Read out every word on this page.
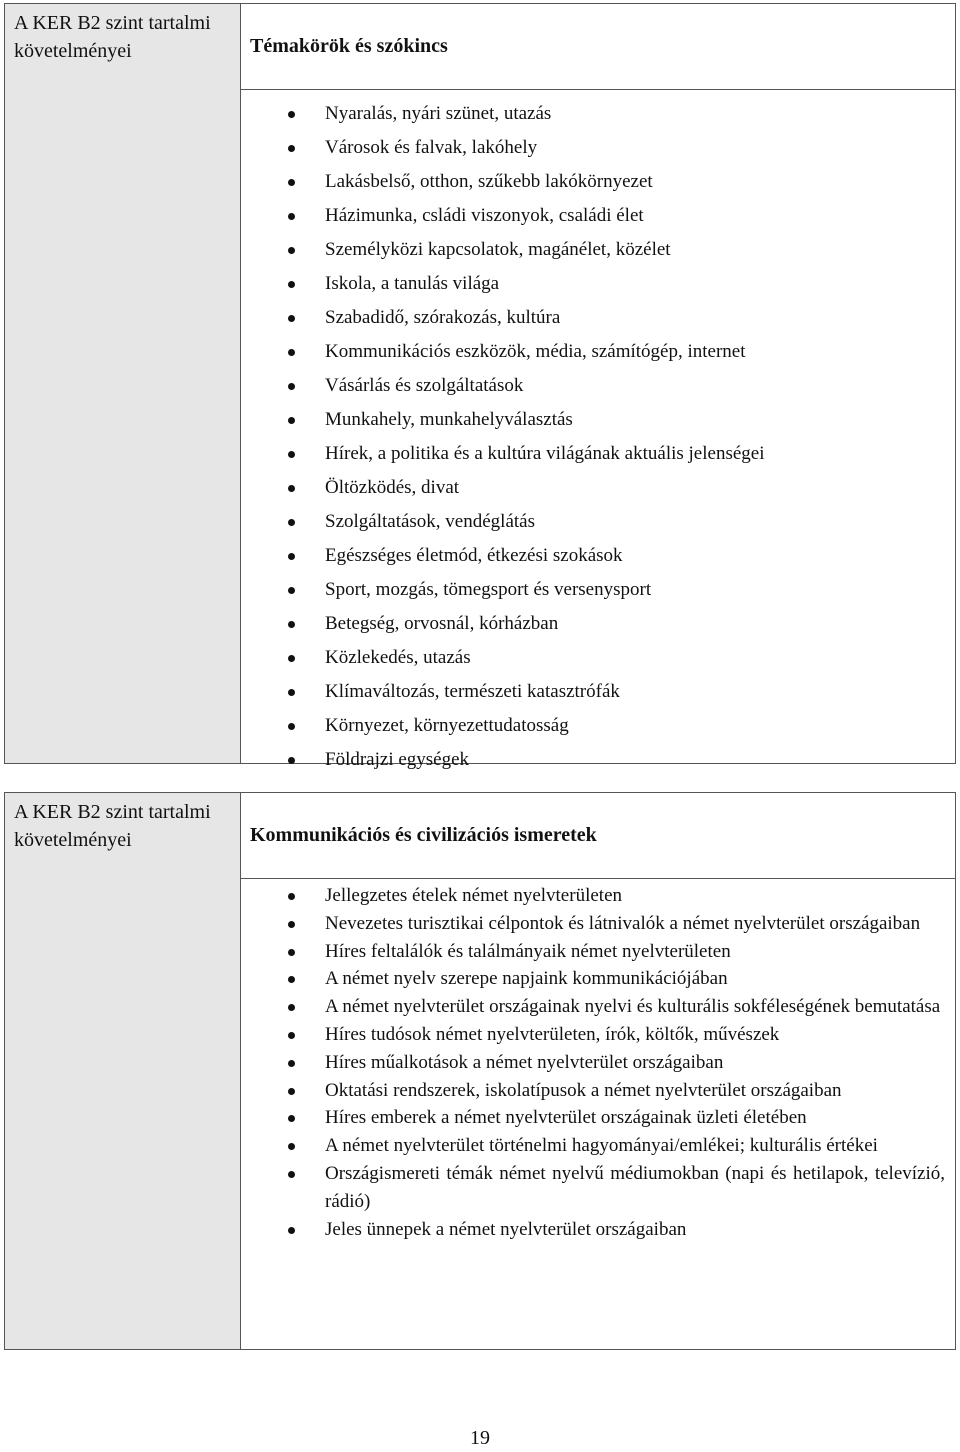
A KER B2 szint tartalmi követelményei	Témakörök és szókincs
Nyaralás, nyári szünet, utazás
Városok és falvak, lakóhely
Lakásbelső, otthon, szűkebb lakókörnyezet
Házimunka, csládi viszonyok, családi élet
Személyközi kapcsolatok, magánélet, közélet
Iskola, a tanulás világa
Szabadidő, szórakozás, kultúra
Kommunikációs eszközök, média, számítógép, internet
Vásárlás és szolgáltatások
Munkahely, munkahelyválasztás
Hírek, a politika és a kultúra világának aktuális jelenségei
Öltözködés, divat
Szolgáltatások, vendéglátás
Egészséges életmód, étkezési szokások
Sport, mozgás, tömegsport és versenysport
Betegség, orvosnál, kórházban
Közlekedés, utazás
Klímaváltozás, természeti katasztrófák
Környezet, környezettudatosság
Földrajzi egységek
A KER B2 szint tartalmi követelményei	Kommunikációs és civilizációs ismeretek
Jellegzetes ételek német nyelvterületen
Nevezetes turisztikai célpontok és látnivalók a német nyelvterület országaiban
Híres feltalálók és találmányaik német nyelvterületen
A német nyelv szerepe napjaink kommunikációjában
A német nyelvterület országainak nyelvi és kulturális sokféleségének bemutatása
Híres tudósok német nyelvterületen, írók, költők, művészek
Híres műalkotások a német nyelvterület országaiban
Oktatási rendszerek, iskolatípusok a német nyelvterület országaiban
Híres emberek a német nyelvterület országainak üzleti életében
A német nyelvterület történelmi hagyományai/emlékei; kulturális értékei
Országismereti témák német nyelvű médiumokban (napi és hetilapok, televízió, rádió)
Jeles ünnepek a német nyelvterület országaiban
19
